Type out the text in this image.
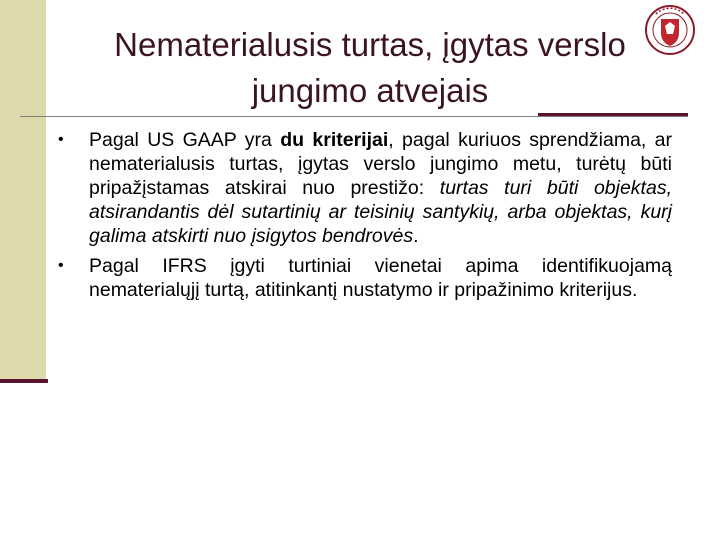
Nematerialusis turtas, įgytas verslo jungimo atvejais
• Pagal US GAAP yra du kriterijai, pagal kuriuos sprendžiama, ar nematerialusis turtas, įgytas verslo jungimo metu, turėtų būti pripažįstamas atskirai nuo prestižo: turtas turi būti objektas, atsirandantis dėl sutartinių ar teisinių santykių, arba objektas, kurį galima atskirti nuo įsigytos bendrovės.
• Pagal IFRS įgyti turtiniai vienetai apima identifikuojamą nematerialųjį turtą, atitinkantį nustatymo ir pripažinimo kriterijus.
